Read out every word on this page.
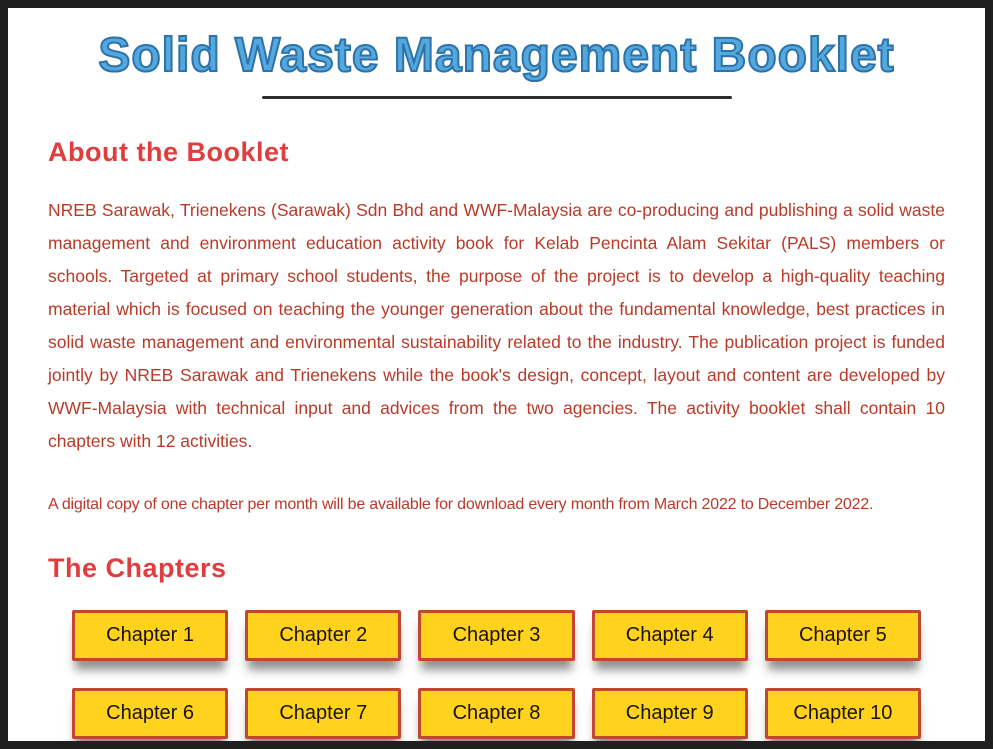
Solid Waste Management Booklet
About the Booklet

NREB Sarawak, Trienekens (Sarawak) Sdn Bhd and WWF-Malaysia are co-producing and publishing a solid waste management and environment education activity book for Kelab Pencinta Alam Sekitar (PALS) members or schools. Targeted at primary school students, the purpose of the project is to develop a high-quality teaching material which is focused on teaching the younger generation about the fundamental knowledge, best practices in solid waste management and environmental sustainability related to the industry. The publication project is funded jointly by NREB Sarawak and Trienekens while the book's design, concept, layout and content are developed by WWF-Malaysia with technical input and advices from the two agencies. The activity booklet shall contain 10 chapters with 12 activities.

A digital copy of one chapter per month will be available for download every month from March 2022 to December 2022.

The Chapters
Chapter 1	Chapter 2	Chapter 3	Chapter 4	Chapter 5
Chapter 6	Chapter 7	Chapter 8	Chapter 9	Chapter 10
